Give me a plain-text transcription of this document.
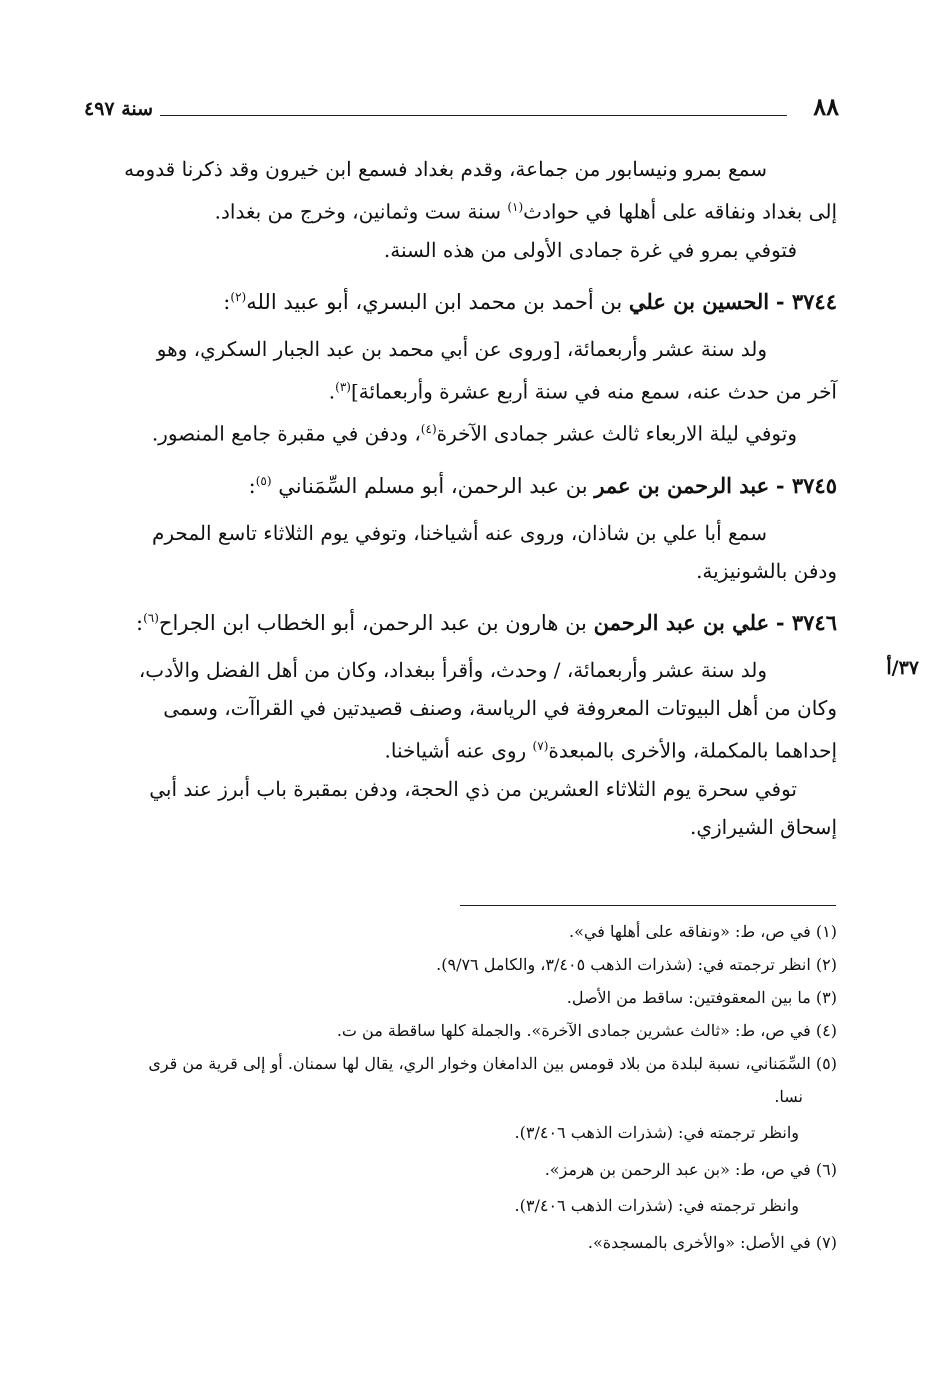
٨٨
سنة ٤٩٧

سمع بمرو ونيسابور من جماعة، وقدم بغداد فسمع ابن خيرون وقد ذكرنا قدومه

إلى بغداد ونفاقه على أهلها في حوادث$^{(١)}$ سنة ست وثمانين، وخرج من بغداد.

فتوفي بمرو في غرة جمادى الأولى من هذه السنة.

٣٧٤٤ - الحسين بن علي بن أحمد بن محمد ابن البسري، أبو عبيد الله$^{(٢)}$:

ولد سنة عشر وأربعمائة، [وروى عن أبي محمد بن عبد الجبار السكري، وهو

آخر من حدث عنه، سمع منه في سنة أربع عشرة وأربعمائة]$^{(٣)}$.

وتوفي ليلة الاربعاء ثالث عشر جمادى الآخرة$^{(٤)}$، ودفن في مقبرة جامع المنصور.

٣٧٤٥ - عبد الرحمن بن عمر بن عبد الرحمن، أبو مسلم السِّمَناني $^{(٥)}$:

سمع أبا علي بن شاذان، وروى عنه أشياخنا، وتوفي يوم الثلاثاء تاسع المحرم

ودفن بالشونيزية.

٣٧٤٦ - علي بن عبد الرحمن بن هارون بن عبد الرحمن، أبو الخطاب ابن الجراح$^{(٦)}$:

٣٧/أ

ولد سنة عشر وأربعمائة، / وحدث، وأقرأ ببغداد، وكان من أهل الفضل والأدب،

وكان من أهل البيوتات المعروفة في الرياسة، وصنف قصيدتين في القراآت، وسمى

إحداهما بالمكملة، والأخرى بالمبعدة$^{(٧)}$ روى عنه أشياخنا.

توفي سحرة يوم الثلاثاء العشرين من ذي الحجة، ودفن بمقبرة باب أبرز عند أبي

إسحاق الشيرازي.

(١) في ص، ط: «ونفاقه على أهلها في».

(٢) انظر ترجمته في: (شذرات الذهب ٣/٤٠٥، والكامل ٩/٧٦).

(٣) ما بين المعقوفتين: ساقط من الأصل.

(٤) في ص، ط: «ثالث عشرين جمادى الآخرة». والجملة كلها ساقطة من ت.

(٥) السِّمَناني، نسبة لبلدة من بلاد قومس بين الدامغان وخوار الري، يقال لها سمنان. أو إلى قرية من قرى

نسا.

وانظر ترجمته في: (شذرات الذهب ٣/٤٠٦).

(٦) في ص، ط: «بن عبد الرحمن بن هرمز».

وانظر ترجمته في: (شذرات الذهب ٣/٤٠٦).

(٧) في الأصل: «والأخرى بالمسجدة».
